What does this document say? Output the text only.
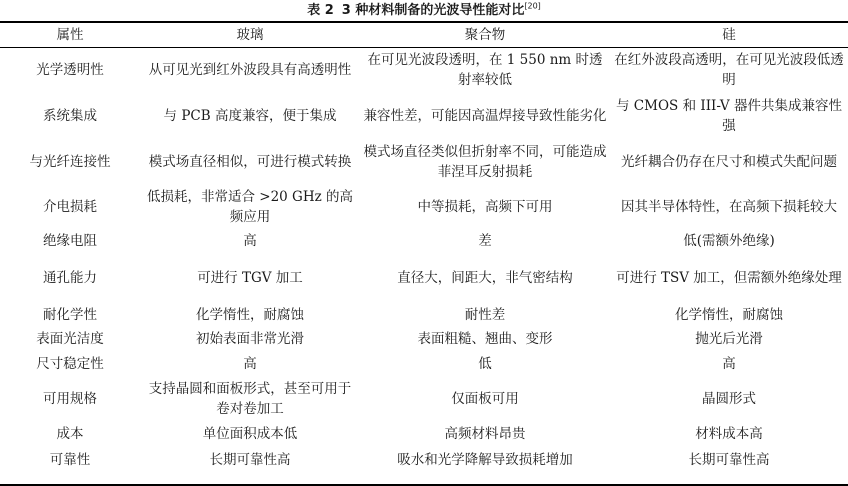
表 2 3 种材料制备的光波导性能对比[20]
属性	玻璃	聚合物	硅
光学透明性	从可见光到红外波段具有高透明性	在可见光波段透明，在 1 550 nm 时透射率较低	在红外波段高透明，在可见光波段低透明
系统集成	与 PCB 高度兼容，便于集成	兼容性差，可能因高温焊接导致性能劣化	与 CMOS 和 III-V 器件共集成兼容性强
与光纤连接性	模式场直径相似，可进行模式转换	模式场直径类似但折射率不同，可能造成菲涅耳反射损耗	光纤耦合仍存在尺寸和模式失配问题
介电损耗	低损耗，非常适合 >20 GHz 的高频应用	中等损耗，高频下可用	因其半导体特性，在高频下损耗较大
绝缘电阻	高	差	低(需额外绝缘)
通孔能力	可进行 TGV 加工	直径大，间距大，非气密结构	可进行 TSV 加工，但需额外绝缘处理
耐化学性	化学惰性，耐腐蚀	耐性差	化学惰性，耐腐蚀
表面光洁度	初始表面非常光滑	表面粗糙、翘曲、变形	抛光后光滑
尺寸稳定性	高	低	高
可用规格	支持晶圆和面板形式，甚至可用于卷对卷加工	仅面板可用	晶圆形式
成本	单位面积成本低	高频材料昂贵	材料成本高
可靠性	长期可靠性高	吸水和光学降解导致损耗增加	长期可靠性高
